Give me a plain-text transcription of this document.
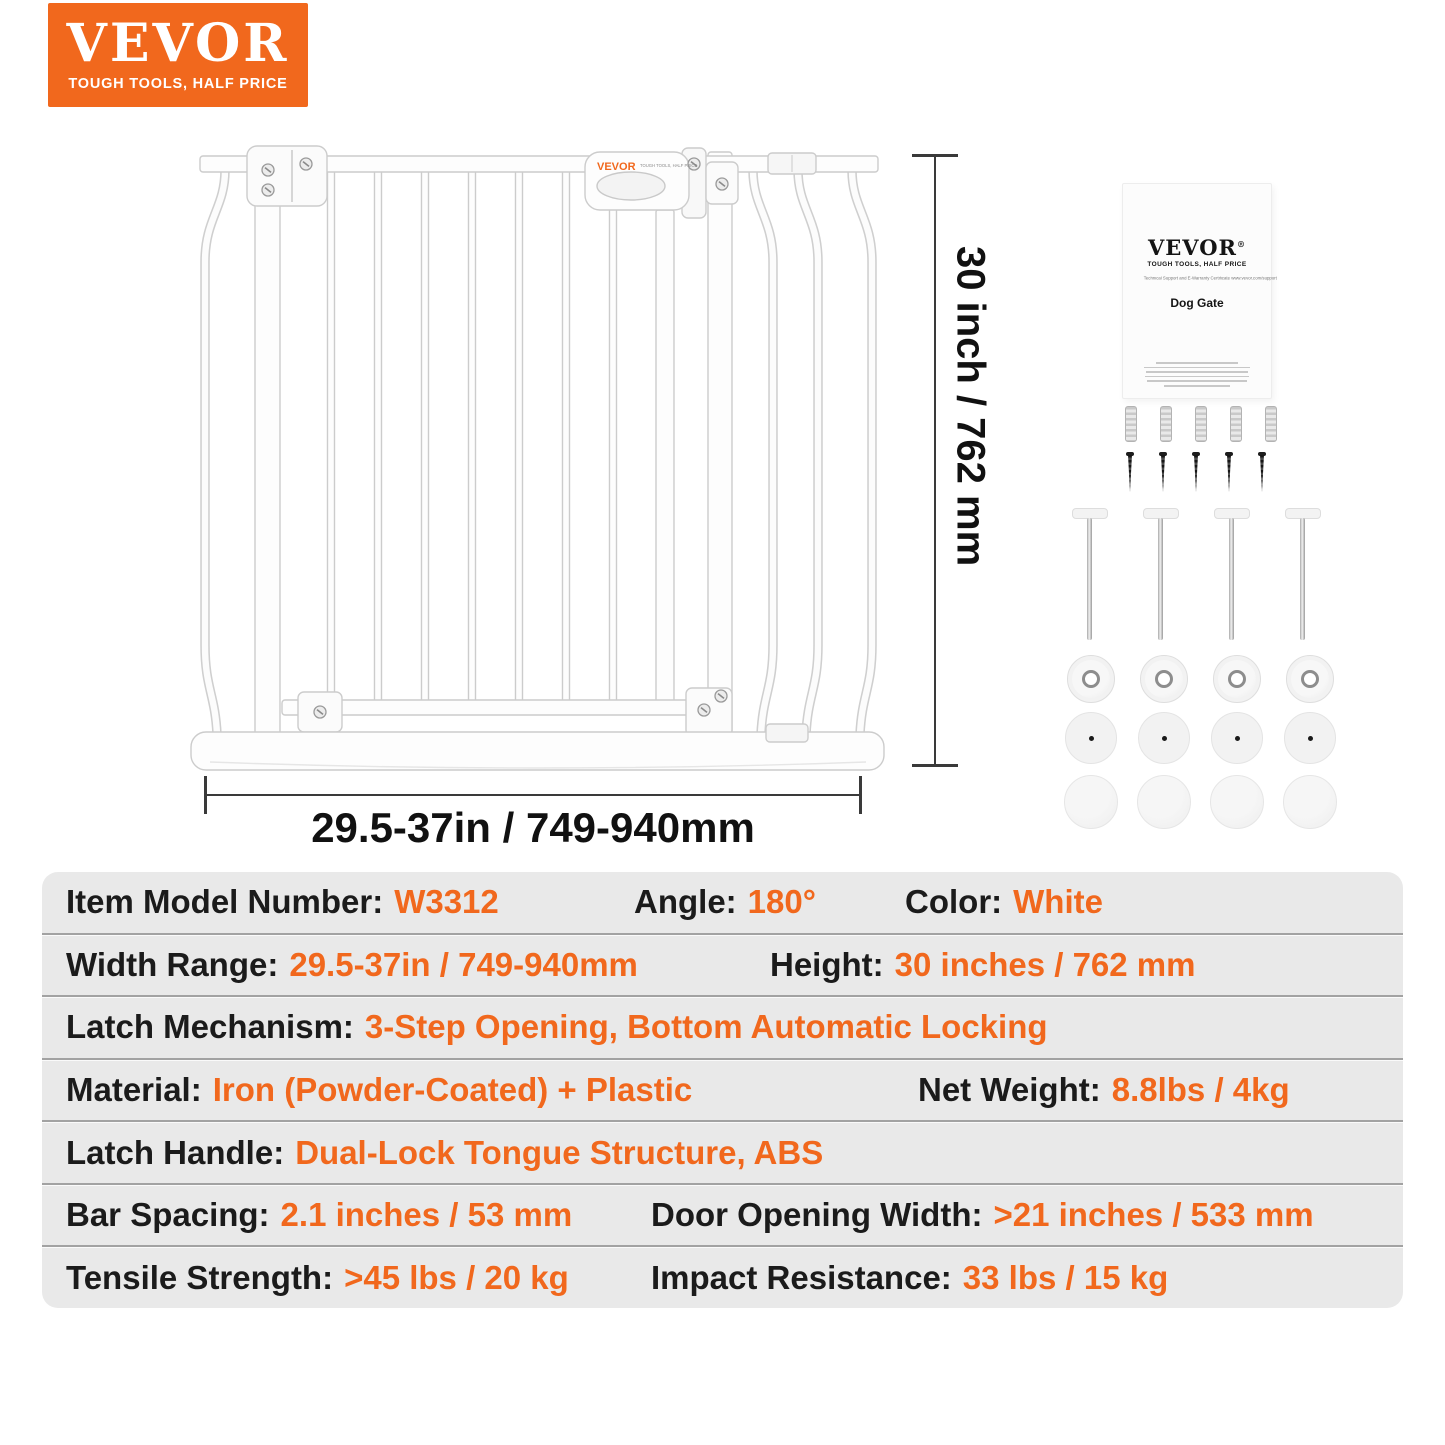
VEVOR
TOUGH TOOLS, HALF PRICE
VEVOR TOUGH TOOLS, HALF PRICE
30 inch / 762 mm
29.5-37in / 749-940mm
VEVOR®
TOUGH TOOLS, HALF PRICE
Technical Support and E-Warranty Certificate www.vevor.com/support
Dog Gate
Item Model Number: W3312	Angle: 180°	Color: White
Width Range: 29.5-37in / 749-940mm	Height: 30 inches / 762 mm
Latch Mechanism: 3-Step Opening, Bottom Automatic Locking
Material: Iron (Powder-Coated) + Plastic	Net Weight: 8.8lbs / 4kg
Latch Handle: Dual-Lock Tongue Structure, ABS
Bar Spacing: 2.1 inches / 53 mm Door Opening Width: >21 inches / 533 mm
Tensile Strength: >45 lbs / 20 kg Impact Resistance: 33 lbs / 15 kg
